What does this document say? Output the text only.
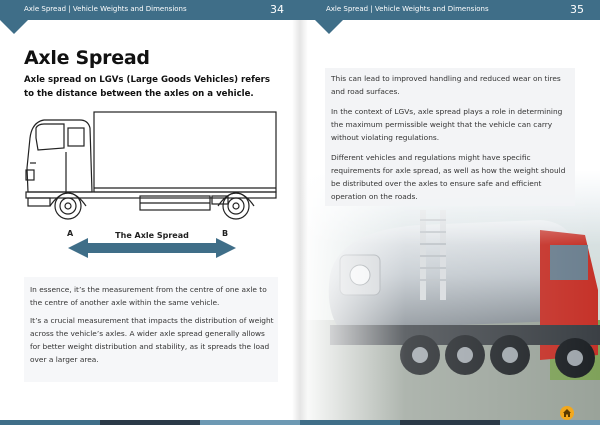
Axle Spread | Vehicle Weights and Dimensions	34	Axle Spread | Vehicle Weights and Dimensions	35
Axle Spread

Axle spread on LGVs (Large Goods Vehicles) refers to the distance between the axles on a vehicle.

A	B
The Axle Spread

In essence, it’s the measurement from the centre of one axle to the centre of another axle within the same vehicle.

It’s a crucial measurement that impacts the distribution of weight across the vehicle’s axles. A wider axle spread generally allows for better weight distribution and stability, as it spreads the load over a larger area.

This can lead to improved handling and reduced wear on tires and road surfaces.

In the context of LGVs, axle spread plays a role in determining the maximum permissible weight that the vehicle can carry without violating regulations.

Different vehicles and regulations might have specific requirements for axle spread, as well as how the weight should be distributed over the axles to ensure safe and efficient operation on the roads.
